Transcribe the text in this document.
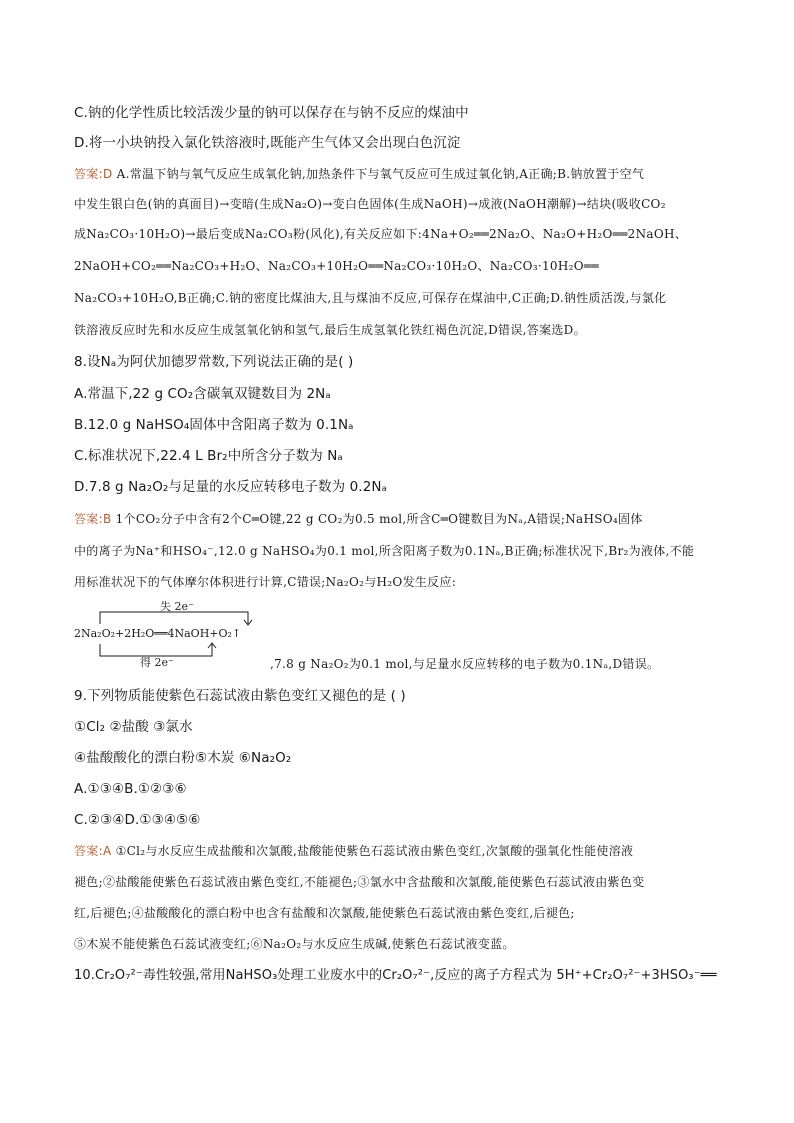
C.钠的化学性质比较活泼少量的钠可以保存在与钠不反应的煤油中
D.将一小块钠投入氯化铁溶液时,既能产生气体又会出现白色沉淀
答案:D A.常温下钠与氧气反应生成氧化钠,加热条件下与氧气反应可生成过氧化钠,A正确;B.钠放置于空气
中发生银白色(钠的真面目)→变暗(生成Na₂O)→变白色固体(生成NaOH)→成液(NaOH潮解)→结块(吸收CO₂
成Na₂CO₃·10H₂O)→最后变成Na₂CO₃粉(风化),有关反应如下:4Na+O₂══2Na₂O、Na₂O+H₂O══2NaOH、
2NaOH+CO₂══Na₂CO₃+H₂O、Na₂CO₃+10H₂O══Na₂CO₃·10H₂O、Na₂CO₃·10H₂O══
Na₂CO₃+10H₂O,B正确;C.钠的密度比煤油大,且与煤油不反应,可保存在煤油中,C正确;D.钠性质活泼,与氯化
铁溶液反应时先和水反应生成氢氧化钠和氢气,最后生成氢氧化铁红褐色沉淀,D错误,答案选D。
8.设Nₐ为阿伏加德罗常数,下列说法正确的是( )
A.常温下,22 g CO₂含碳氧双键数目为 2Nₐ
B.12.0 g NaHSO₄固体中含阳离子数为 0.1Nₐ
C.标准状况下,22.4 L Br₂中所含分子数为 Nₐ
D.7.8 g Na₂O₂与足量的水反应转移电子数为 0.2Nₐ
答案:B 1个CO₂分子中含有2个C═O键,22 g CO₂为0.5 mol,所含C═O键数目为Nₐ,A错误;NaHSO₄固体
中的离子为Na⁺和HSO₄⁻,12.0 g NaHSO₄为0.1 mol,所含阳离子数为0.1Nₐ,B正确;标准状况下,Br₂为液体,不能
用标准状况下的气体摩尔体积进行计算,C错误;Na₂O₂与H₂O发生反应:
失 2e⁻
2Na₂O₂+2H₂O══4NaOH+O₂↑
得 2e⁻	,7.8 g Na₂O₂为0.1 mol,与足量水反应转移的电子数为0.1Nₐ,D错误。
9.下列物质能使紫色石蕊试液由紫色变红又褪色的是 ( )
①Cl₂ ②盐酸 ③氯水
④盐酸酸化的漂白粉⑤木炭 ⑥Na₂O₂
A.①③④B.①②③⑥
C.②③④D.①③④⑤⑥
答案:A ①Cl₂与水反应生成盐酸和次氯酸,盐酸能使紫色石蕊试液由紫色变红,次氯酸的强氧化性能使溶液
褪色;②盐酸能使紫色石蕊试液由紫色变红,不能褪色;③氯水中含盐酸和次氯酸,能使紫色石蕊试液由紫色变
红,后褪色;④盐酸酸化的漂白粉中也含有盐酸和次氯酸,能使紫色石蕊试液由紫色变红,后褪色;
⑤木炭不能使紫色石蕊试液变红;⑥Na₂O₂与水反应生成碱,使紫色石蕊试液变蓝。
10.Cr₂O₇²⁻毒性较强,常用NaHSO₃处理工业废水中的Cr₂O₇²⁻,反应的离子方程式为 5H⁺+Cr₂O₇²⁻+3HSO₃⁻══
